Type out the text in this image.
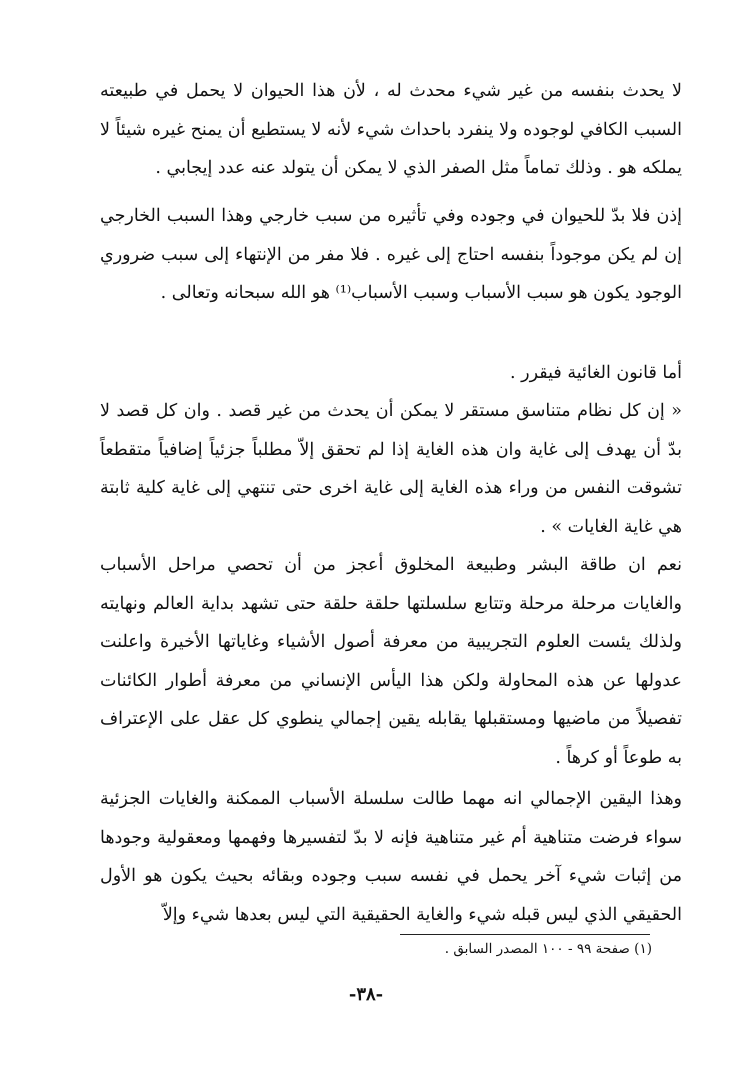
لا يحدث بنفسه من غير شيء محدث له ، لأن هذا الحيوان لا يحمل في طبيعته السبب الكافي لوجوده ولا ينفرد باحداث شيء لأنه لا يستطيع أن يمنح غيره شيئاً لا يملكه هو . وذلك تماماً مثل الصفر الذي لا يمكن أن يتولد عنه عدد إيجابي .

إذن فلا بدّ للحيوان في وجوده وفي تأثيره من سبب خارجي وهذا السبب الخارجي إن لم يكن موجوداً بنفسه احتاج إلى غيره . فلا مفر من الإنتهاء إلى سبب ضروري الوجود يكون هو سبب الأسباب وسبب الأسباب⁽¹⁾ هو الله سبحانه وتعالى .

أما قانون الغائية فيقرر .

« إن كل نظام متناسق مستقر لا يمكن أن يحدث من غير قصد . وان كل قصد لا بدّ أن يهدف إلى غاية وان هذه الغاية إذا لم تحقق إلاّ مطلباً جزئياً إضافياً متقطعاً تشوقت النفس من وراء هذه الغاية إلى غاية اخرى حتى تنتهي إلى غاية كلية ثابتة هي غاية الغايات » .

نعم ان طاقة البشر وطبيعة المخلوق أعجز من أن تحصي مراحل الأسباب والغايات مرحلة مرحلة وتتابع سلسلتها حلقة حلقة حتى تشهد بداية العالم ونهايته ولذلك يئست العلوم التجريبية من معرفة أصول الأشياء وغاياتها الأخيرة واعلنت عدولها عن هذه المحاولة ولكن هذا اليأس الإنساني من معرفة أطوار الكائنات تفصيلاً من ماضيها ومستقبلها يقابله يقين إجمالي ينطوي كل عقل على الإعتراف به طوعاً أو كرهاً .

وهذا اليقين الإجمالي انه مهما طالت سلسلة الأسباب الممكنة والغايات الجزئية سواء فرضت متناهية أم غير متناهية فإنه لا بدّ لتفسيرها وفهمها ومعقولية وجودها من إثبات شيء آخر يحمل في نفسه سبب وجوده وبقائه بحيث يكون هو الأول الحقيقي الذي ليس قبله شيء والغاية الحقيقية التي ليس بعدها شيء وإلاّ

(١) صفحة ٩٩ - ١٠٠ المصدر السابق .

-٣٨-
